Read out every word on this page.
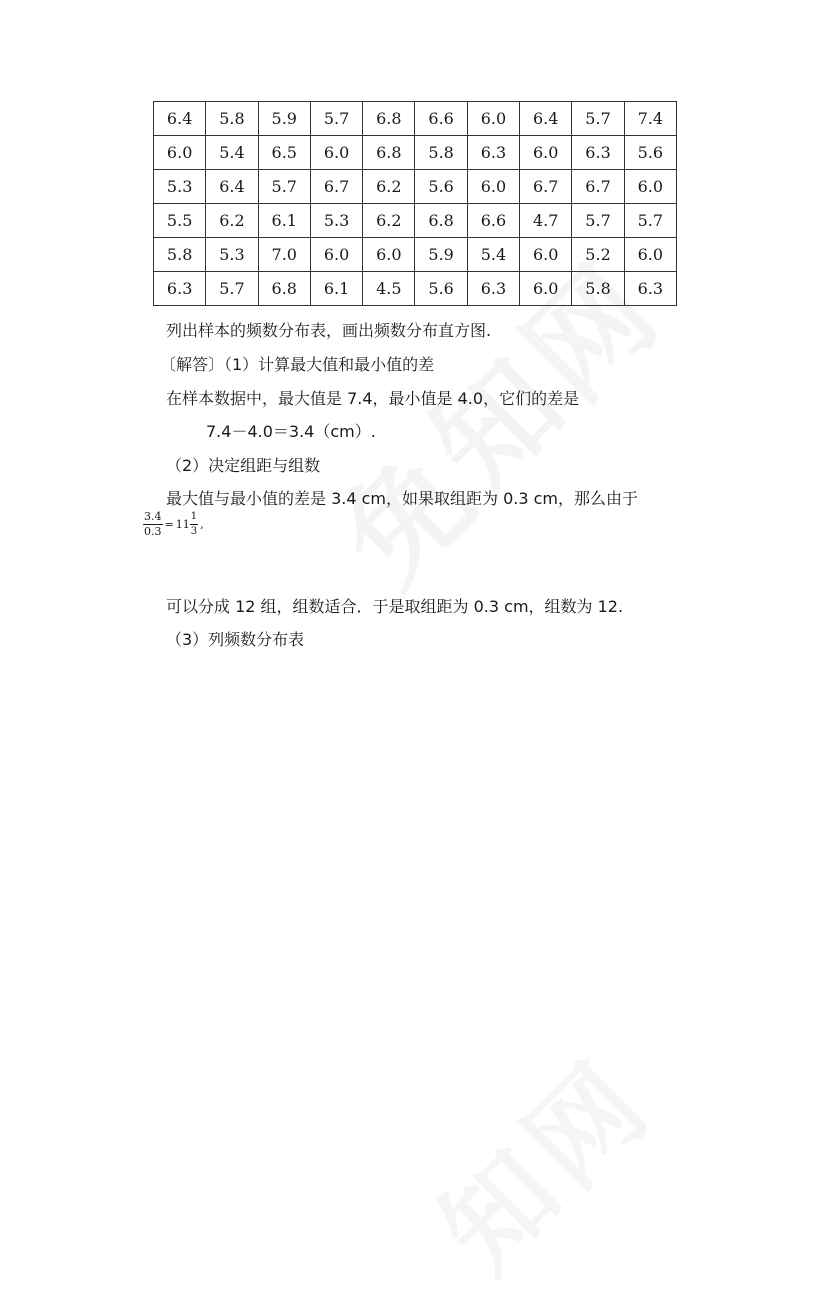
6.4	5.8	5.9	5.7	6.8	6.6	6.0	6.4	5.7	7.4
6.0	5.4	6.5	6.0	6.8	5.8	6.3	6.0	6.3	5.6
5.3	6.4	5.7	6.7	6.2	5.6	6.0	6.7	6.7	6.0
5.5	6.2	6.1	5.3	6.2	6.8	6.6	4.7	5.7	5.7
5.8	5.3	7.0	6.0	6.0	5.9	5.4	6.0	5.2	6.0
6.3	5.7	6.8	6.1	4.5	5.6	6.3	6.0	5.8	6.3
列出样本的频数分布表，画出频数分布直方图.
〔解答〕（1）计算最大值和最小值的差
在样本数据中，最大值是 7.4，最小值是 4.0，它们的差是
7.4－4.0＝3.4（cm）.
（2）决定组距与组数
最大值与最小值的差是 3.4 cm，如果取组距为 0.3 cm，那么由于
$\frac{3.4}{0.3} = 11 \frac{1}{3}$ ,
可以分成 12 组，组数适合．于是取组距为 0.3 cm，组数为 12.
（3）列频数分布表
